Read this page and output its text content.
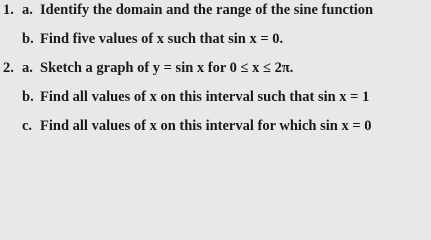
1. a. Identify the domain and the range of the sine function
b. Find five values of x such that sin x = 0.
2. a. Sketch a graph of y = sin x for 0 ≤ x ≤ 2π.
b. Find all values of x on this interval such that sin x = 1
c. Find all values of x on this interval for which sin x = 0
